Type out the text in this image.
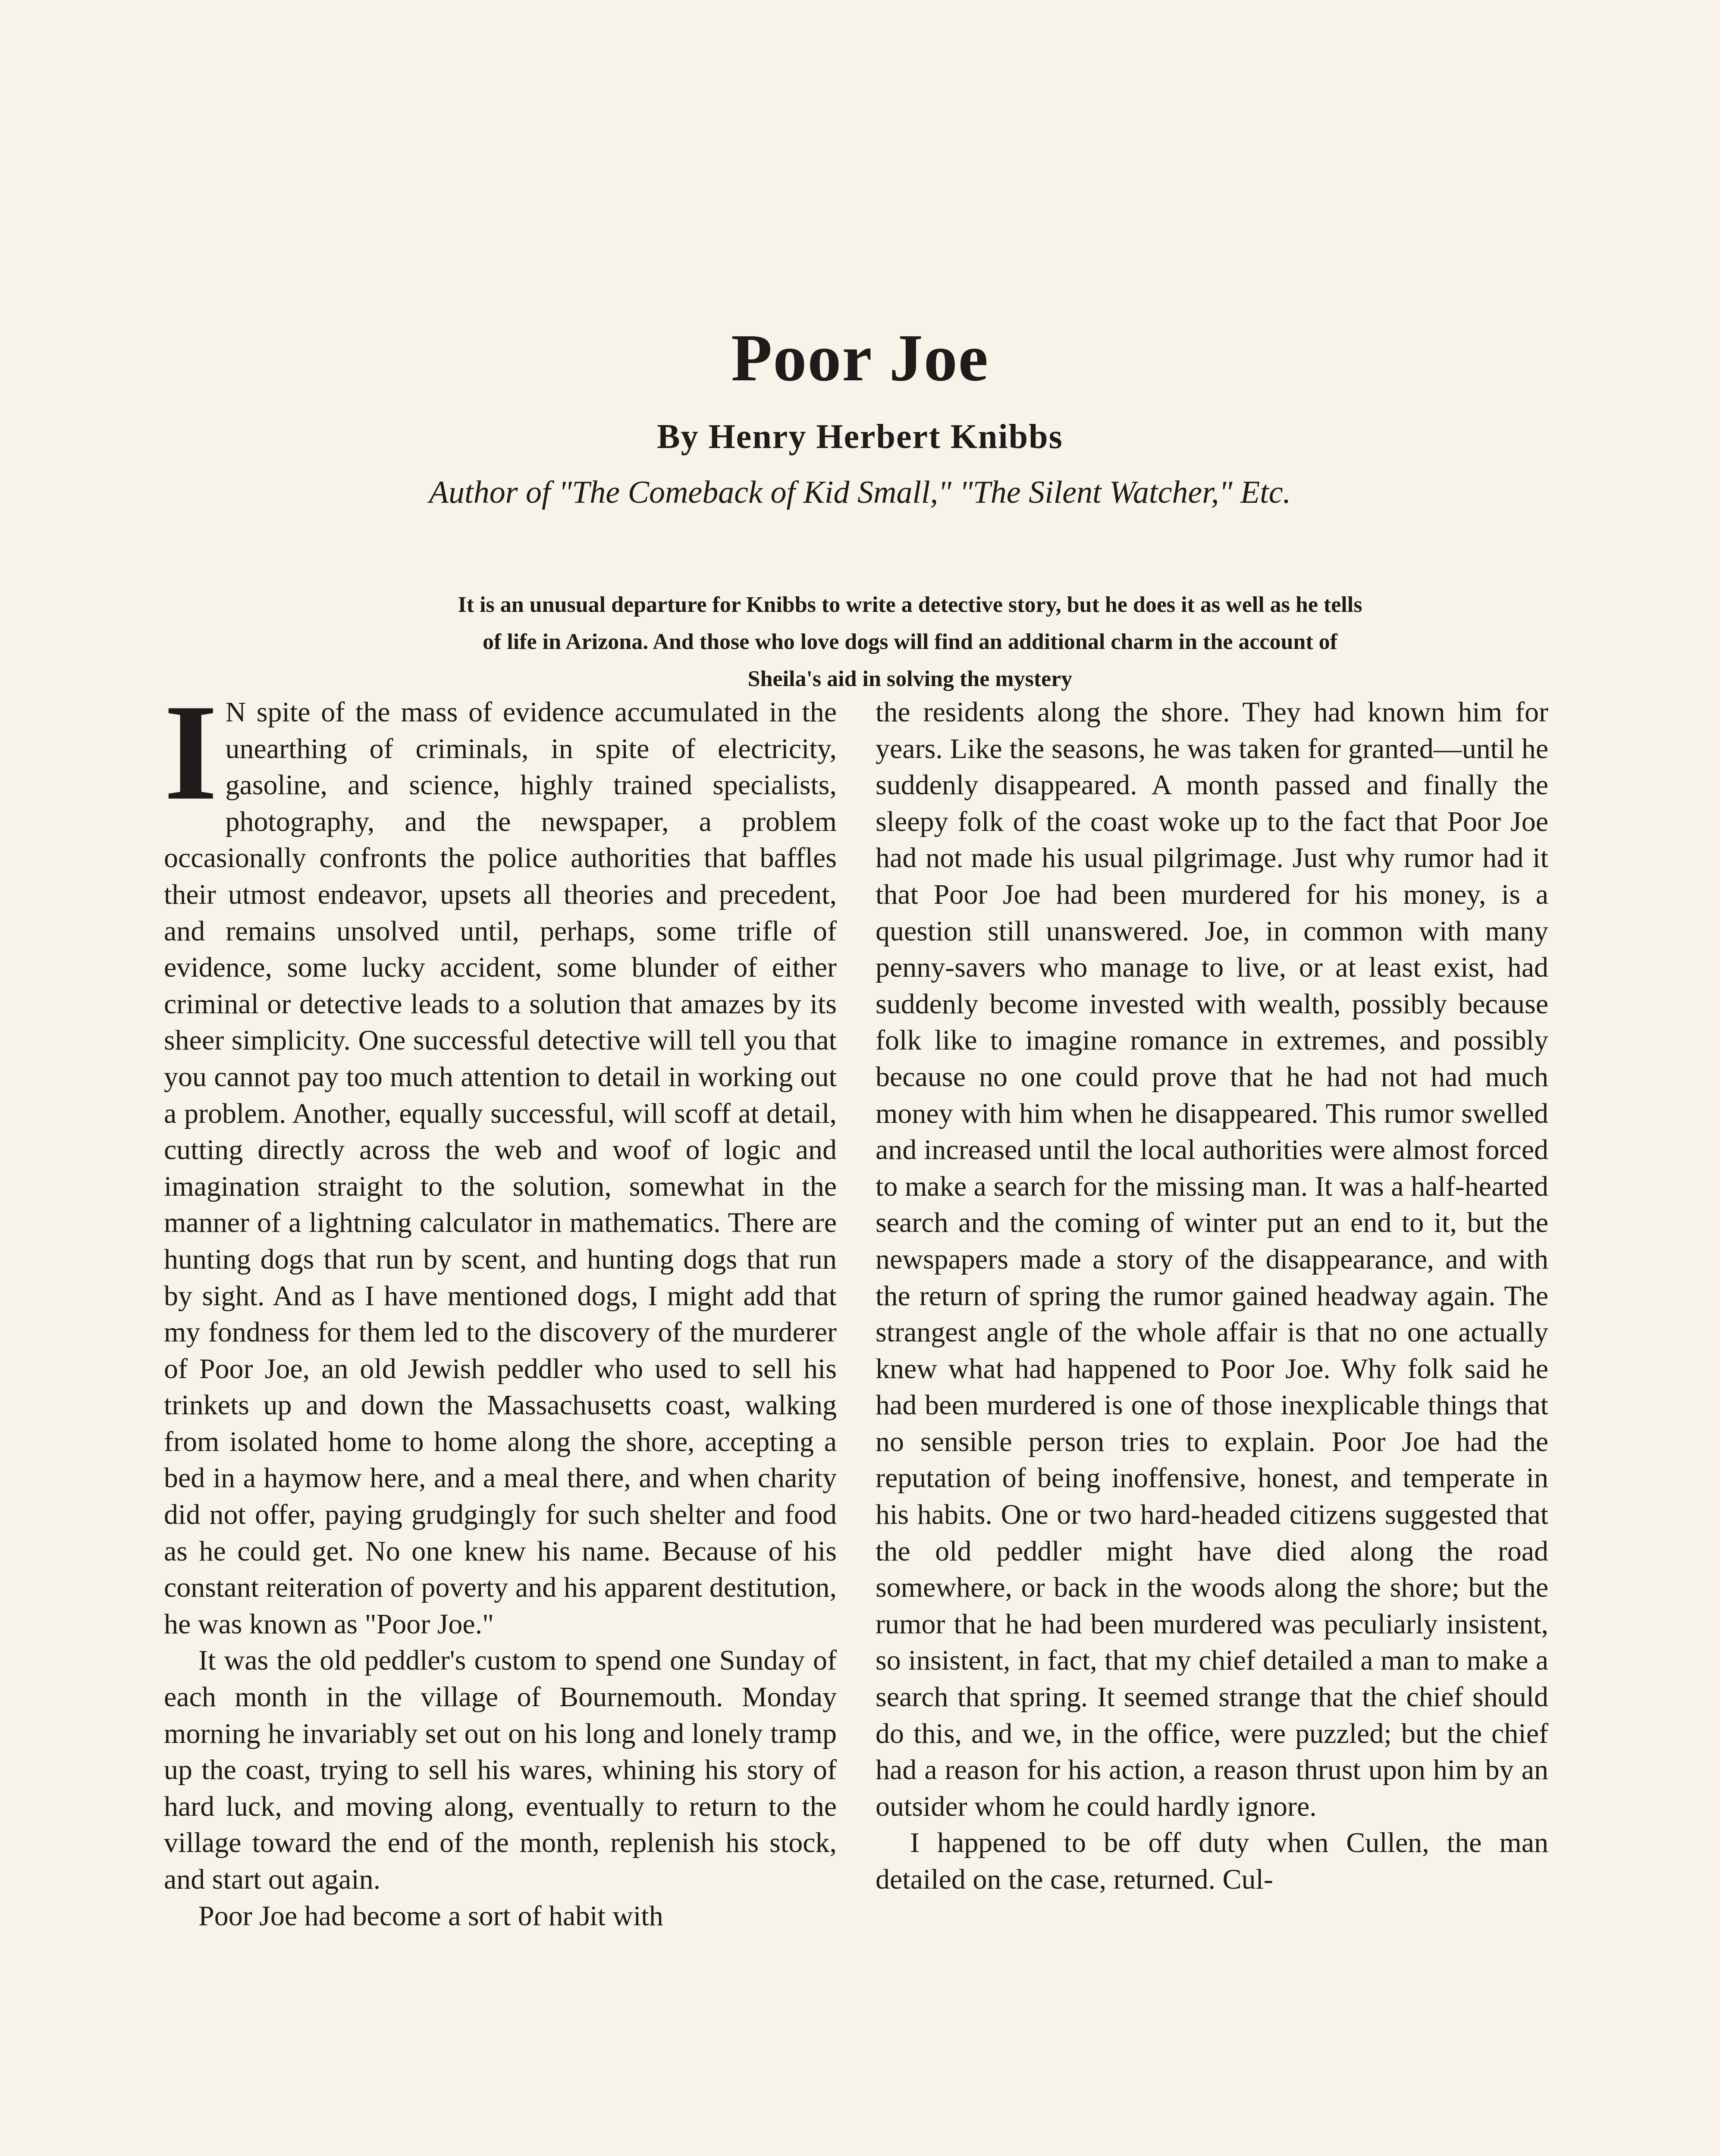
Poor Joe
By Henry Herbert Knibbs
Author of "The Comeback of Kid Small," "The Silent Watcher," Etc.
It is an unusual departure for Knibbs to write a detective story, but he does it as well as he tells of life in Arizona. And those who love dogs will find an additional charm in the account of Sheila's aid in solving the mystery

I N spite of the mass of evidence accumulated in the unearthing of criminals, in spite of electricity, gasoline, and science, highly trained specialists, photography, and the newspaper, a problem occasionally confronts the police authorities that baffles their utmost endeavor, upsets all theories and precedent, and remains unsolved until, perhaps, some trifle of evidence, some lucky accident, some blunder of either criminal or detective leads to a solution that amazes by its sheer simplicity. One successful detective will tell you that you cannot pay too much attention to detail in working out a problem. Another, equally successful, will scoff at detail, cutting directly across the web and woof of logic and imagination straight to the solution, somewhat in the manner of a lightning calculator in mathematics. There are hunting dogs that run by scent, and hunting dogs that run by sight. And as I have mentioned dogs, I might add that my fondness for them led to the discovery of the murderer of Poor Joe, an old Jewish peddler who used to sell his trinkets up and down the Massachusetts coast, walking from isolated home to home along the shore, accepting a bed in a haymow here, and a meal there, and when charity did not offer, paying grudgingly for such shelter and food as he could get. No one knew his name. Because of his constant reiteration of poverty and his apparent destitution, he was known as "Poor Joe."

It was the old peddler's custom to spend one Sunday of each month in the village of Bournemouth. Monday morning he invariably set out on his long and lonely tramp up the coast, trying to sell his wares, whining his story of hard luck, and moving along, eventually to return to the village toward the end of the month, replenish his stock, and start out again.

Poor Joe had become a sort of habit with

the residents along the shore. They had known him for years. Like the seasons, he was taken for granted—until he suddenly disappeared. A month passed and finally the sleepy folk of the coast woke up to the fact that Poor Joe had not made his usual pilgrimage. Just why rumor had it that Poor Joe had been murdered for his money, is a question still unanswered. Joe, in common with many penny-savers who manage to live, or at least exist, had suddenly become invested with wealth, possibly because folk like to imagine romance in extremes, and possibly because no one could prove that he had not had much money with him when he disappeared. This rumor swelled and increased until the local authorities were almost forced to make a search for the missing man. It was a half-hearted search and the coming of winter put an end to it, but the newspapers made a story of the disappearance, and with the return of spring the rumor gained headway again. The strangest angle of the whole affair is that no one actually knew what had happened to Poor Joe. Why folk said he had been murdered is one of those inexplicable things that no sensible person tries to explain. Poor Joe had the reputation of being inoffensive, honest, and temperate in his habits. One or two hard-headed citizens suggested that the old peddler might have died along the road somewhere, or back in the woods along the shore; but the rumor that he had been murdered was peculiarly insistent, so insistent, in fact, that my chief detailed a man to make a search that spring. It seemed strange that the chief should do this, and we, in the office, were puzzled; but the chief had a reason for his action, a reason thrust upon him by an outsider whom he could hardly ignore.

I happened to be off duty when Cullen, the man detailed on the case, returned. Cul-
